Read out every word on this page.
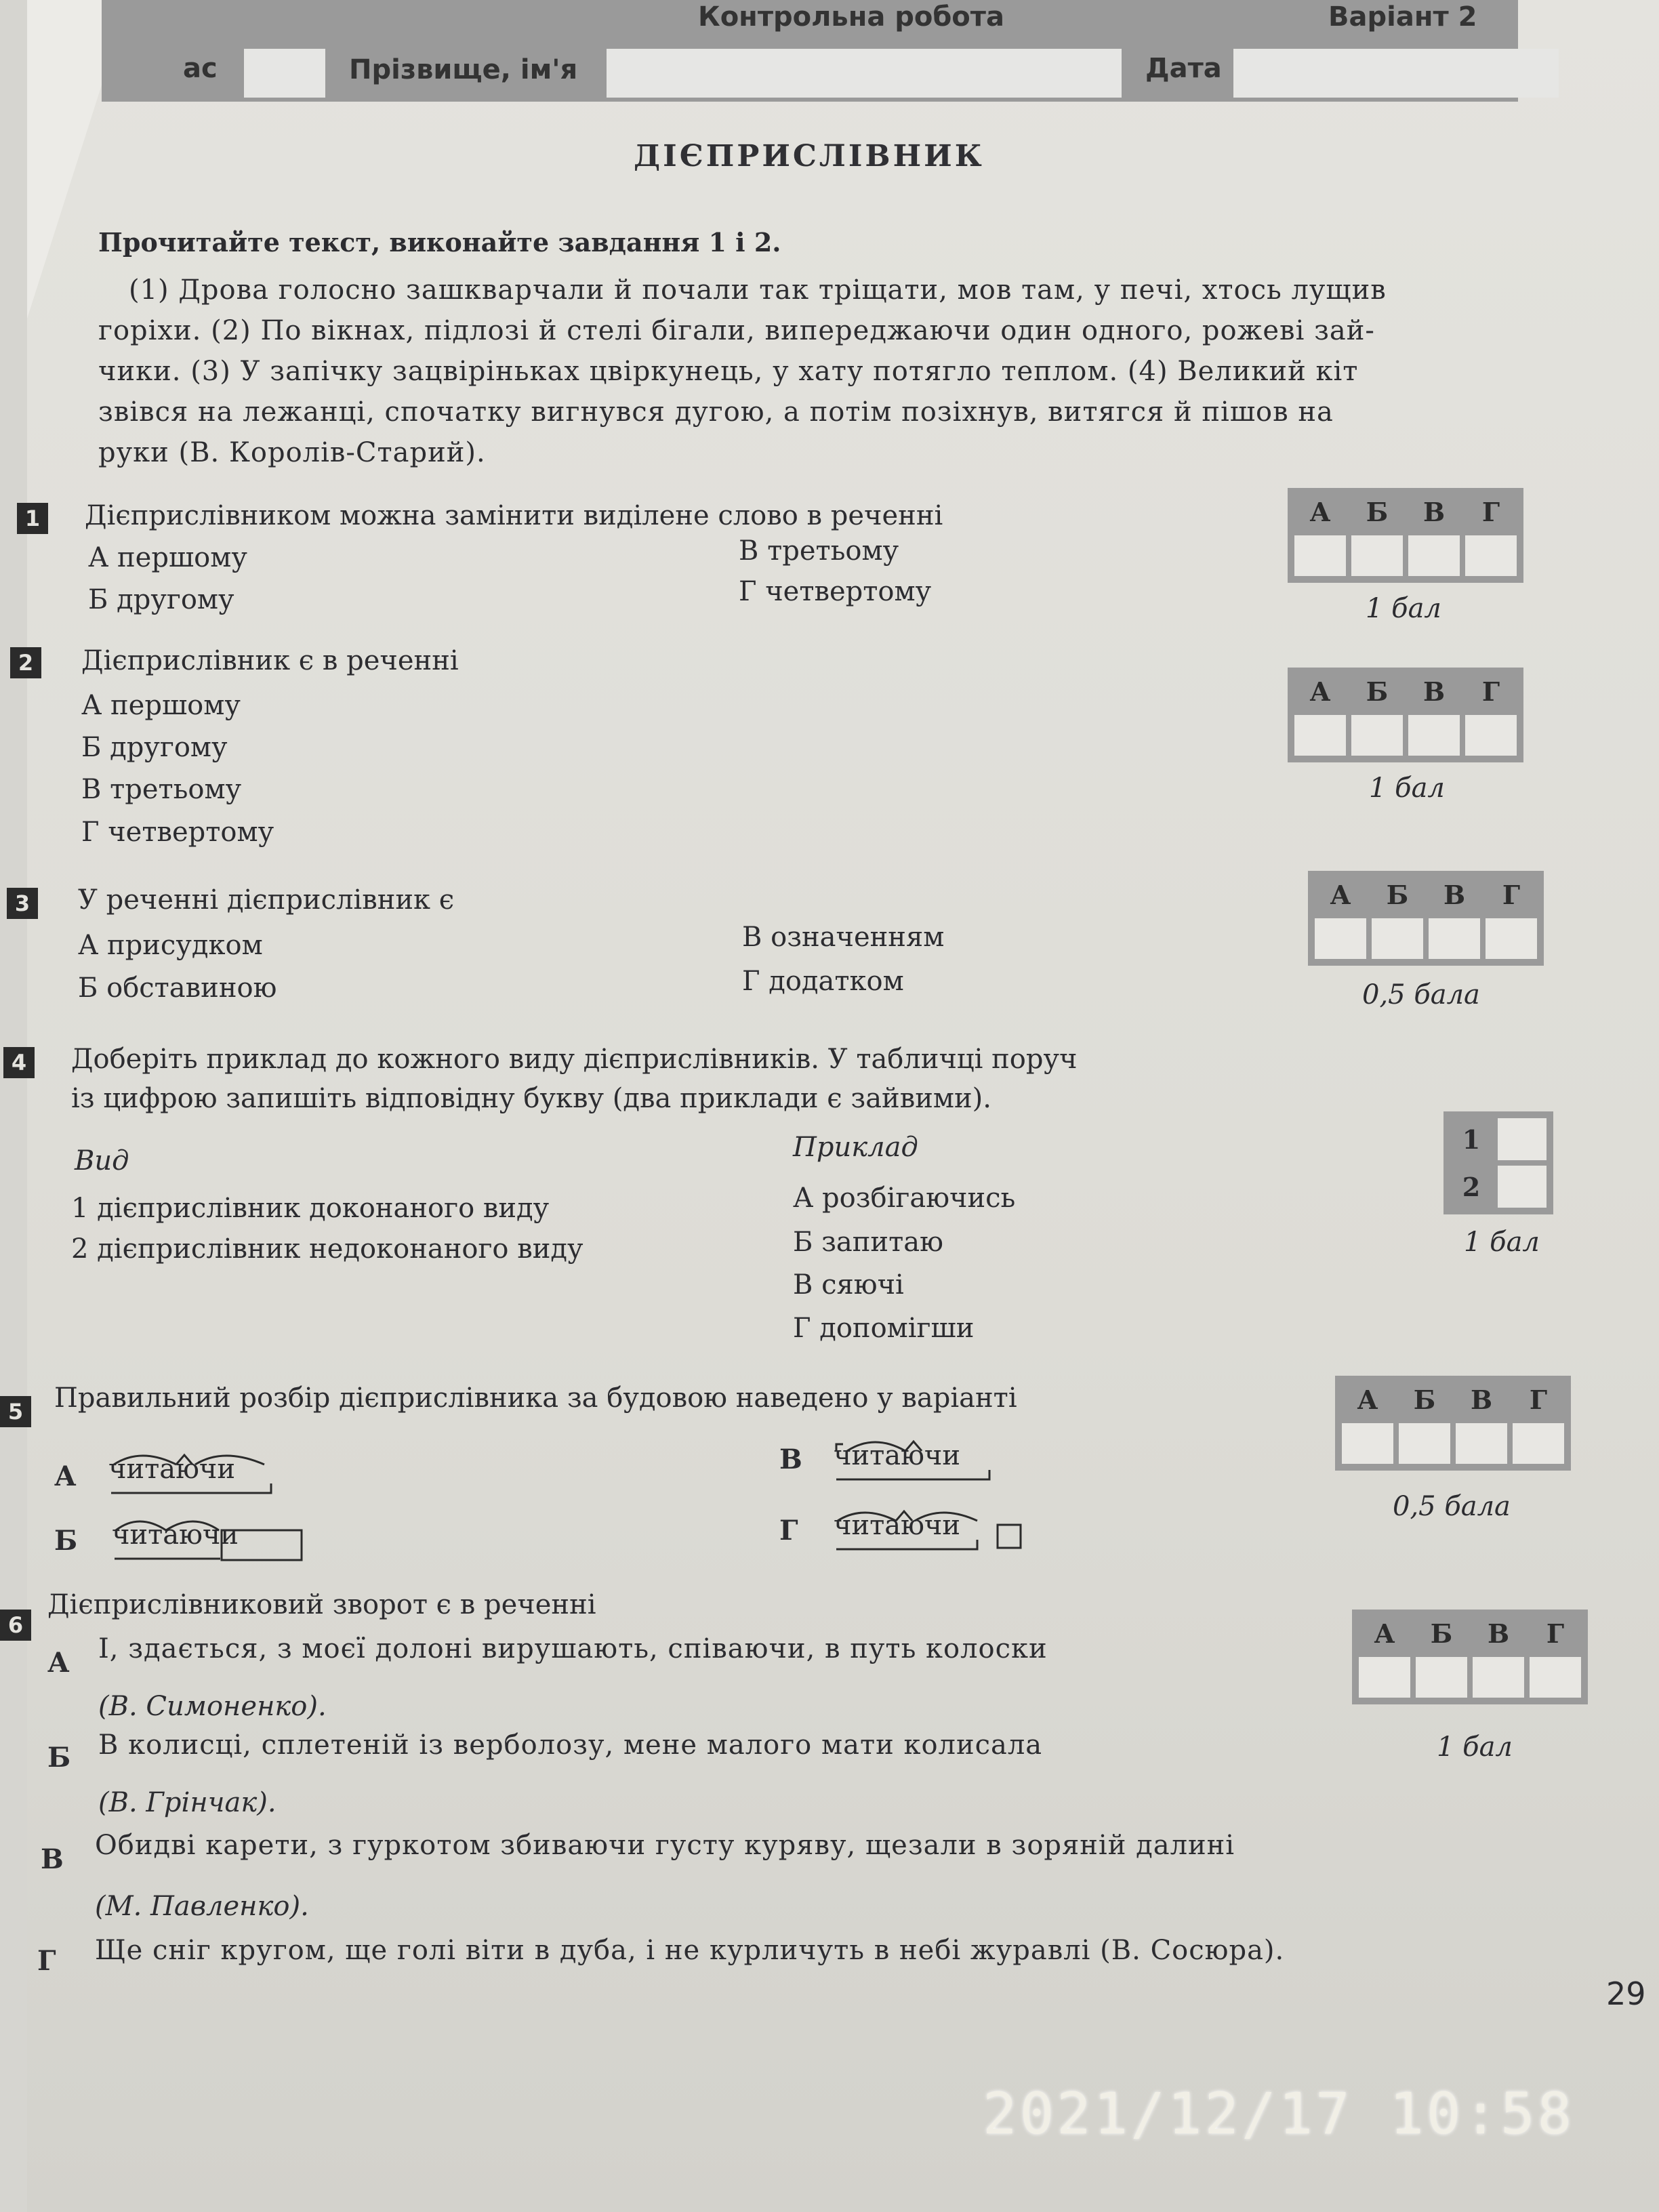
Контрольна робота	Варіант 2
ас	Прізвище, ім'я	Дата
ДІЄПРИСЛІВНИК
Прочитайте текст, виконайте завдання 1 і 2.
(1) Дрова голосно зашкварчали й почали так тріщати, мов там, у печі, хтось лущив
горіхи. (2) По вікнах, підлозі й стелі бігали, випереджаючи один одного, рожеві зай-
чики. (3) У запічку зацвіріньках цвіркунець, у хату потягло теплом. (4) Великий кіт
звівся на лежанці, спочатку вигнувся дугою, а потім позіхнув, витягся й пішов на
руки (В. Королів-Старий).
1 Дієприслівником можна замінити виділене слово в реченні
А першому
Б другому
В третьому
Г четвертому
А	Б	В	Г
1 бал
2 Дієприслівник є в реченні
А першому
Б другому
В третьому
Г четвертому
А	Б	В	Г
1 бал
3 У реченні дієприслівник є
А присудком
Б обставиною
В означенням
Г додатком
А	Б	В	Г
0,5 бала
4 Доберіть приклад до кожного виду дієприслівників. У табличці поруч
із цифрою запишіть відповідну букву (два приклади є зайвими).
Вид	Приклад
1 дієприслівник доконаного виду
2 дієприслівник недоконаного виду
А розбігаючись
Б запитаю
В сяючі
Г допомігши
1
2
1 бал
5 Правильний розбір дієприслівника за будовою наведено у варіанті
А читаючи
Б читаючи
В читаючи
Г читаючи
А	Б	В	Г
0,5 бала
6
Дієприслівниковий зворот є в реченні
А І, здається, з моєї долоні вирушають, співаючи, в путь колоски
(В. Симоненко).
Б В колисці, сплетеній із верболозу, мене малого мати колисала
(В. Грінчак).
В Обидві карети, з гуркотом збиваючи густу куряву, щезали в зоряній далині
(М. Павленко).
Г Ще сніг кругом, ще голі віти в дуба, і не курличуть в небі журавлі (В. Сосюра).
А	Б	В	Г
1 бал
29
2021/12/17 10:58
